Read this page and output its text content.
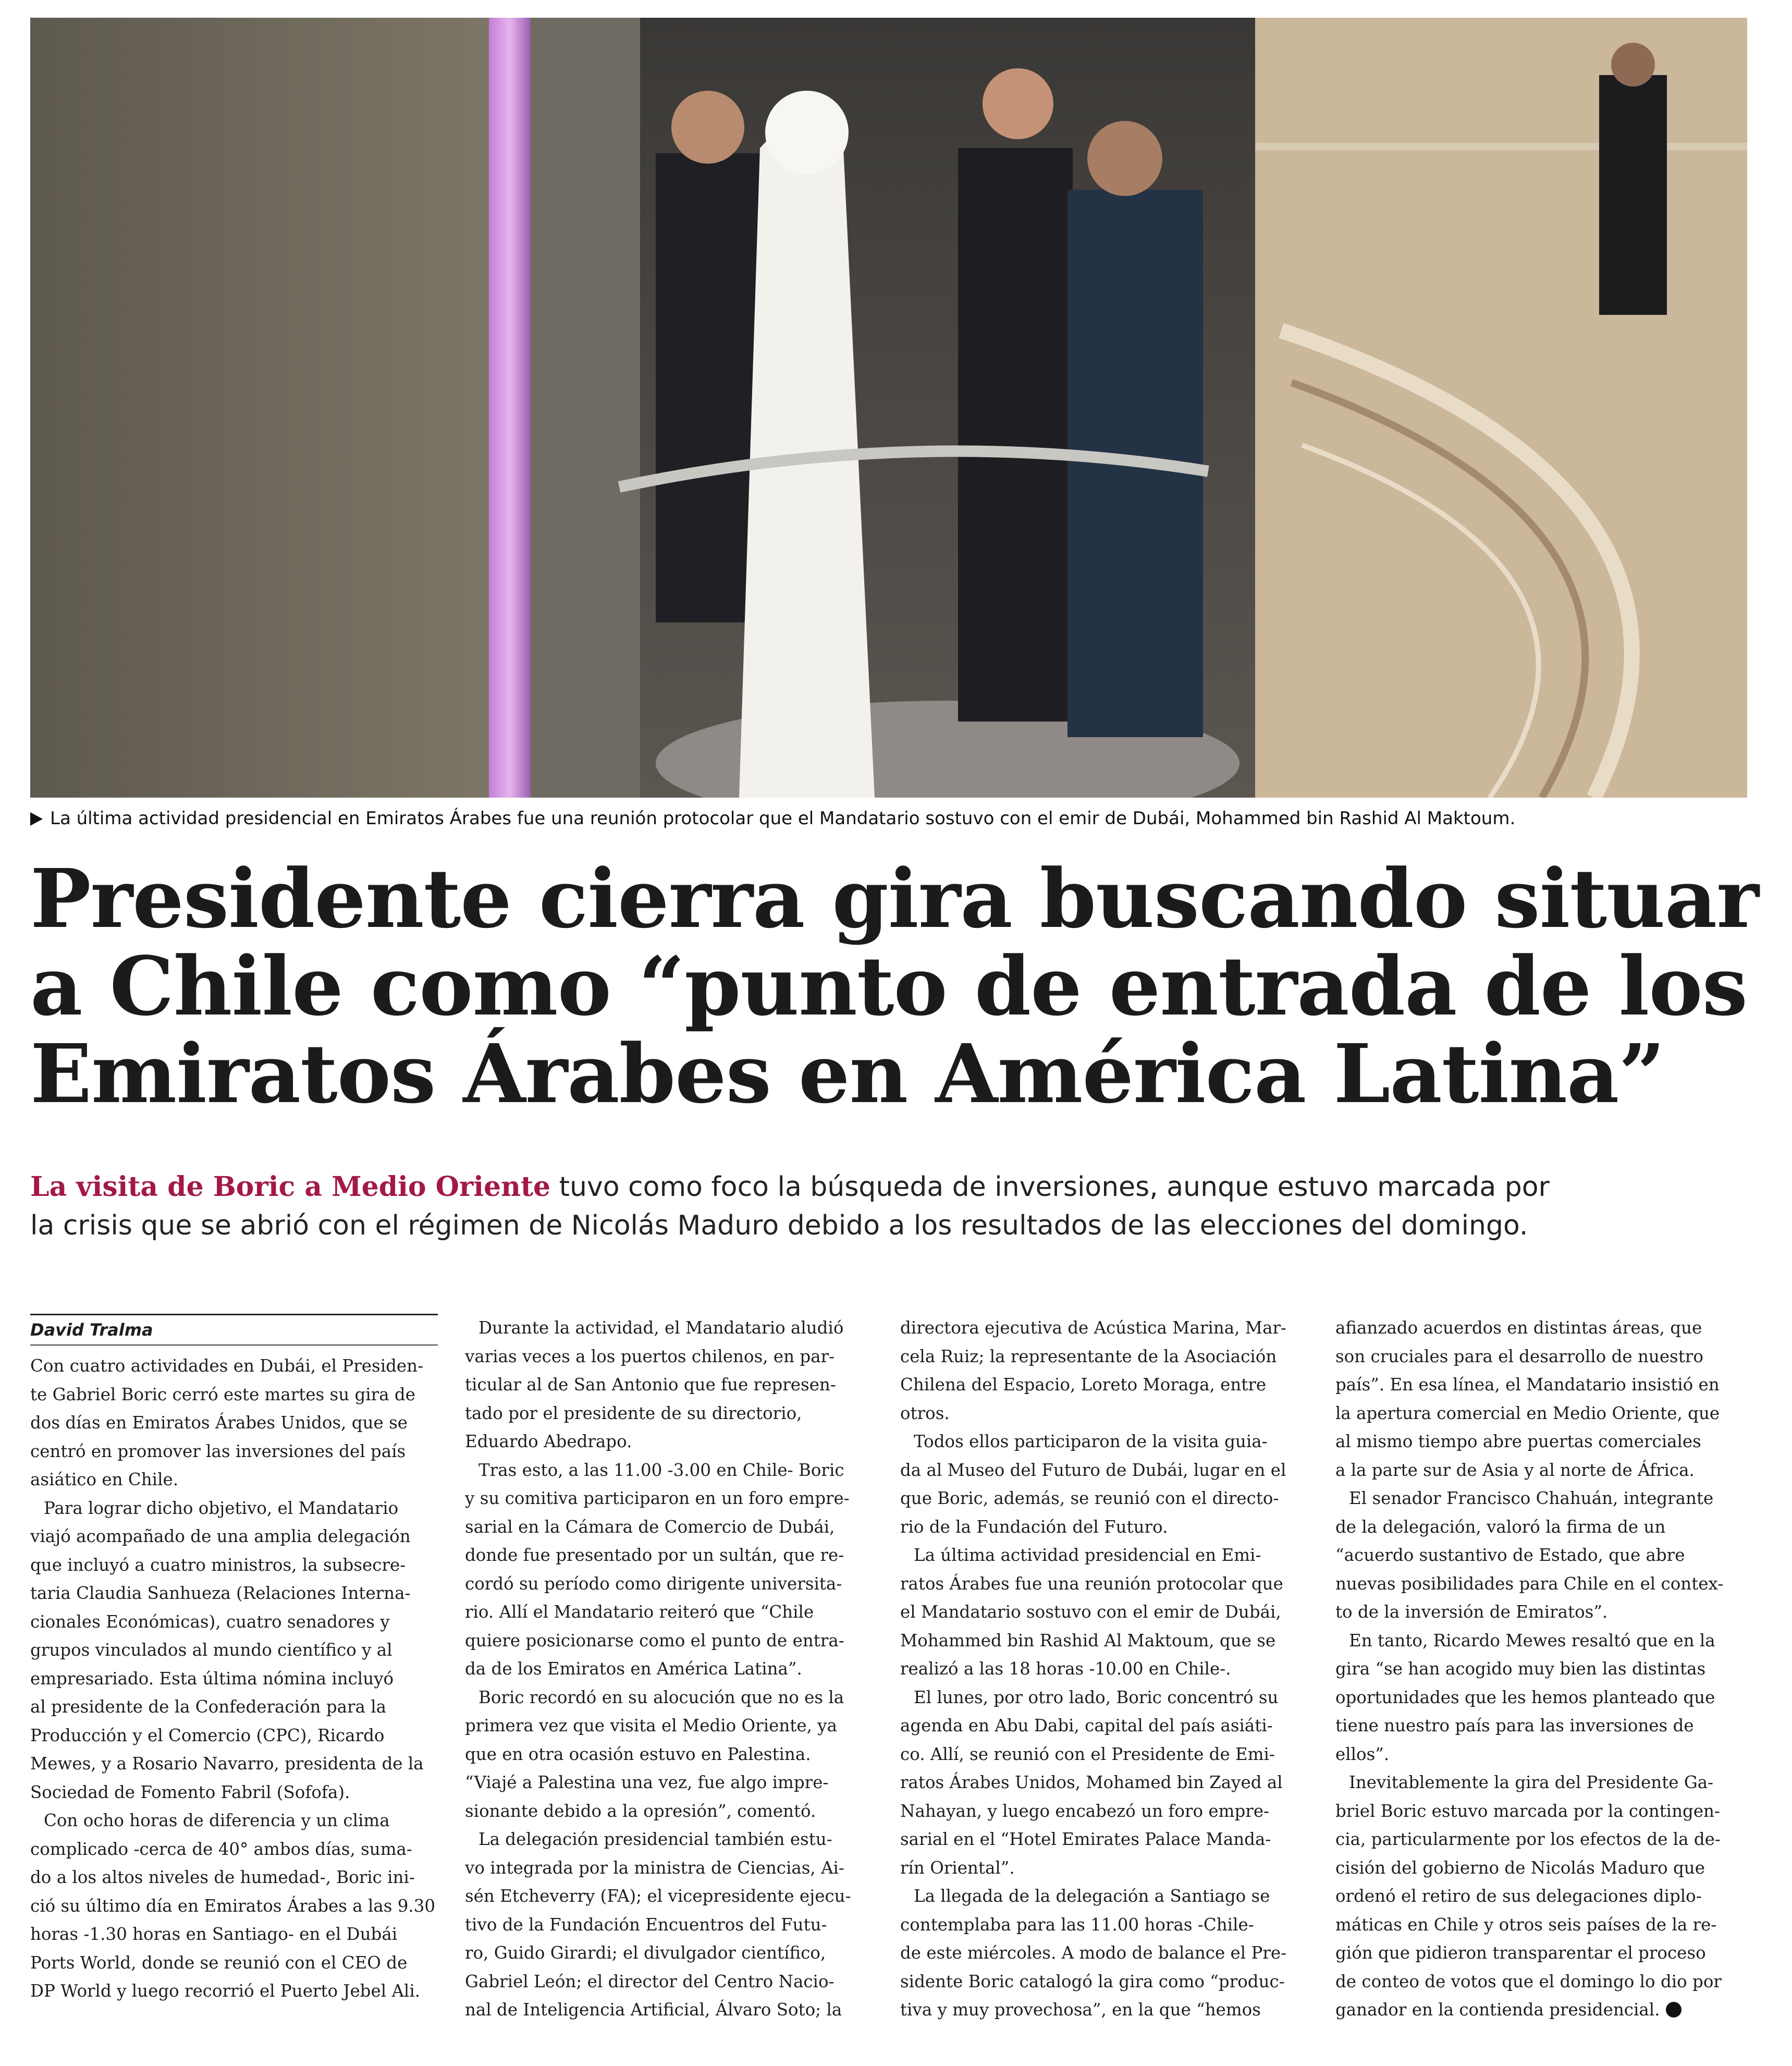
La última actividad presidencial en Emiratos Árabes fue una reunión protocolar que el Mandatario sostuvo con el emir de Dubái, Mohammed bin Rashid Al Maktoum.
Presidente cierra gira buscando situar
a Chile como “punto de entrada de los
Emiratos Árabes en América Latina”
La visita de Boric a Medio Oriente tuvo como foco la búsqueda de inversiones, aunque estuvo marcada por
la crisis que se abrió con el régimen de Nicolás Maduro debido a los resultados de las elecciones del domingo.
David Tralma
Con cuatro actividades en Dubái, el Presiden-
te Gabriel Boric cerró este martes su gira de
dos días en Emiratos Árabes Unidos, que se
centró en promover las inversiones del país
asiático en Chile.
Para lograr dicho objetivo, el Mandatario
viajó acompañado de una amplia delegación
que incluyó a cuatro ministros, la subsecre-
taria Claudia Sanhueza (Relaciones Interna-
cionales Económicas), cuatro senadores y
grupos vinculados al mundo científico y al
empresariado. Esta última nómina incluyó
al presidente de la Confederación para la
Producción y el Comercio (CPC), Ricardo
Mewes, y a Rosario Navarro, presidenta de la
Sociedad de Fomento Fabril (Sofofa).
Con ocho horas de diferencia y un clima
complicado -cerca de 40° ambos días, suma-
do a los altos niveles de humedad-, Boric ini-
ció su último día en Emiratos Árabes a las 9.30
horas -1.30 horas en Santiago- en el Dubái
Ports World, donde se reunió con el CEO de
DP World y luego recorrió el Puerto Jebel Ali.
Durante la actividad, el Mandatario aludió
varias veces a los puertos chilenos, en par-
ticular al de San Antonio que fue represen-
tado por el presidente de su directorio,
Eduardo Abedrapo.
Tras esto, a las 11.00 -3.00 en Chile- Boric
y su comitiva participaron en un foro empre-
sarial en la Cámara de Comercio de Dubái,
donde fue presentado por un sultán, que re-
cordó su período como dirigente universita-
rio. Allí el Mandatario reiteró que “Chile
quiere posicionarse como el punto de entra-
da de los Emiratos en América Latina”.
Boric recordó en su alocución que no es la
primera vez que visita el Medio Oriente, ya
que en otra ocasión estuvo en Palestina.
“Viajé a Palestina una vez, fue algo impre-
sionante debido a la opresión”, comentó.
La delegación presidencial también estu-
vo integrada por la ministra de Ciencias, Ai-
sén Etcheverry (FA); el vicepresidente ejecu-
tivo de la Fundación Encuentros del Futu-
ro, Guido Girardi; el divulgador científico,
Gabriel León; el director del Centro Nacio-
nal de Inteligencia Artificial, Álvaro Soto; la
directora ejecutiva de Acústica Marina, Mar-
cela Ruiz; la representante de la Asociación
Chilena del Espacio, Loreto Moraga, entre
otros.
Todos ellos participaron de la visita guia-
da al Museo del Futuro de Dubái, lugar en el
que Boric, además, se reunió con el directo-
rio de la Fundación del Futuro.
La última actividad presidencial en Emi-
ratos Árabes fue una reunión protocolar que
el Mandatario sostuvo con el emir de Dubái,
Mohammed bin Rashid Al Maktoum, que se
realizó a las 18 horas -10.00 en Chile-.
El lunes, por otro lado, Boric concentró su
agenda en Abu Dabi, capital del país asiáti-
co. Allí, se reunió con el Presidente de Emi-
ratos Árabes Unidos, Mohamed bin Zayed al
Nahayan, y luego encabezó un foro empre-
sarial en el “Hotel Emirates Palace Manda-
rín Oriental”.
La llegada de la delegación a Santiago se
contemplaba para las 11.00 horas -Chile-
de este miércoles. A modo de balance el Pre-
sidente Boric catalogó la gira como “produc-
tiva y muy provechosa”, en la que “hemos
afianzado acuerdos en distintas áreas, que
son cruciales para el desarrollo de nuestro
país”. En esa línea, el Mandatario insistió en
la apertura comercial en Medio Oriente, que
al mismo tiempo abre puertas comerciales
a la parte sur de Asia y al norte de África.
El senador Francisco Chahuán, integrante
de la delegación, valoró la firma de un
“acuerdo sustantivo de Estado, que abre
nuevas posibilidades para Chile en el contex-
to de la inversión de Emiratos”.
En tanto, Ricardo Mewes resaltó que en la
gira “se han acogido muy bien las distintas
oportunidades que les hemos planteado que
tiene nuestro país para las inversiones de
ellos”.
Inevitablemente la gira del Presidente Ga-
briel Boric estuvo marcada por la contingen-
cia, particularmente por los efectos de la de-
cisión del gobierno de Nicolás Maduro que
ordenó el retiro de sus delegaciones diplo-
máticas en Chile y otros seis países de la re-
gión que pidieron transparentar el proceso
de conteo de votos que el domingo lo dio por
ganador en la contienda presidencial.
